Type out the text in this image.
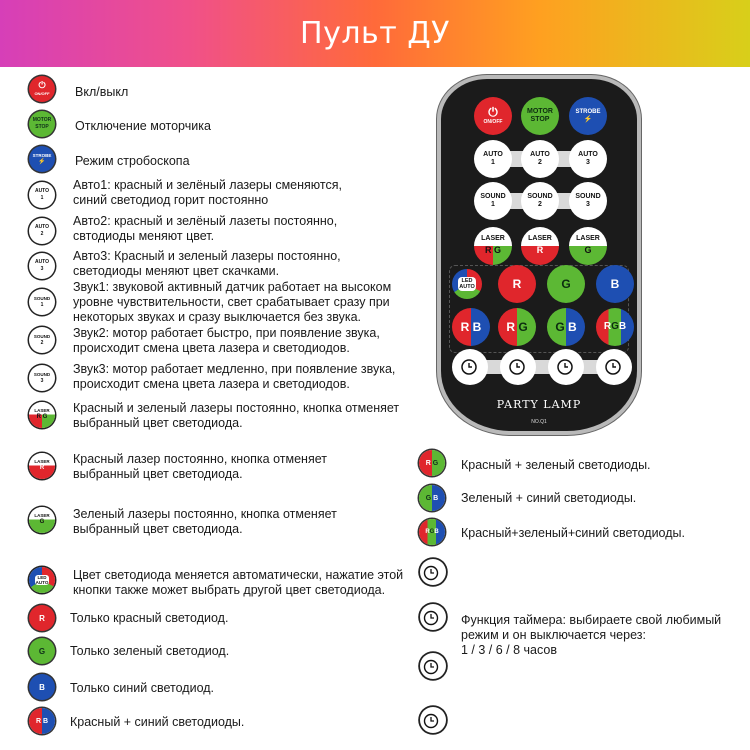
Пульт ДУ
⏻
ON/OFF Вкл/выкл
MOTOR
STOP Отключение моторчика
STROBE
⚡ Режим стробоскопа
AUTO
1
Авто1: красный и зелёный лазеры сменяются, синий светодиод горит постоянно
AUTO
2
Авто2: красный и зелёный лазеты постоянно, свтодиоды меняют цвет.
AUTO
3
Авто3: Красный и зеленый лазеры постоянно, светодиоды меняют цвет скачками.
SOUND
1
Звук1: звуковой активный датчик работает на высоком уровне чувствительности, свет срабатывает сразу при некоторых звуках и сразу выключается без звука.
SOUND
2
Звук2: мотор работает быстро, при появление звука, происходит смена цвета лазера и светодиодов.
SOUND
3
Звук3: мотор работает медленно, при появление звука, происходит смена цвета лазера и светодиодов.
LASER
R G
Красный и зеленый лазеры постоянно, кнопка отменяет выбранный цвет светодиода.
LASER
R
Красный лазер постоянно, кнопка отменяет выбранный цвет светодиода.
LASER
G
Зеленый лазеры постоянно, кнопка отменяет выбранный цвет светодиода.
LED
AUTO
Цвет светодиода меняется автоматически, нажатие этой кнопки также может выбрать другой цвет светодиода.
R Только красный светодиод.
G Только зеленый светодиод.
B Только синий светодиод.
R B Красный + синий светодиоды.
R G Красный + зеленый светодиоды.
G B Зеленый + синий светодиоды.
RGB Красный+зеленый+синий светодиоды.
Функция таймера: выбираете свой любимый режим и он выключается через:
1 / 3 / 6 / 8 часов
⏻
ON/OFF
MOTOR
STOP
STROBE
⚡
AUTO
1
AUTO
2
AUTO
3
SOUND
1
SOUND
2
SOUND
3
LASER
R G
LASER
R
LASER
G
LED
AUTO	R	G	B
R B R G G B	RGB
PARTY LAMP
NO.Q1
